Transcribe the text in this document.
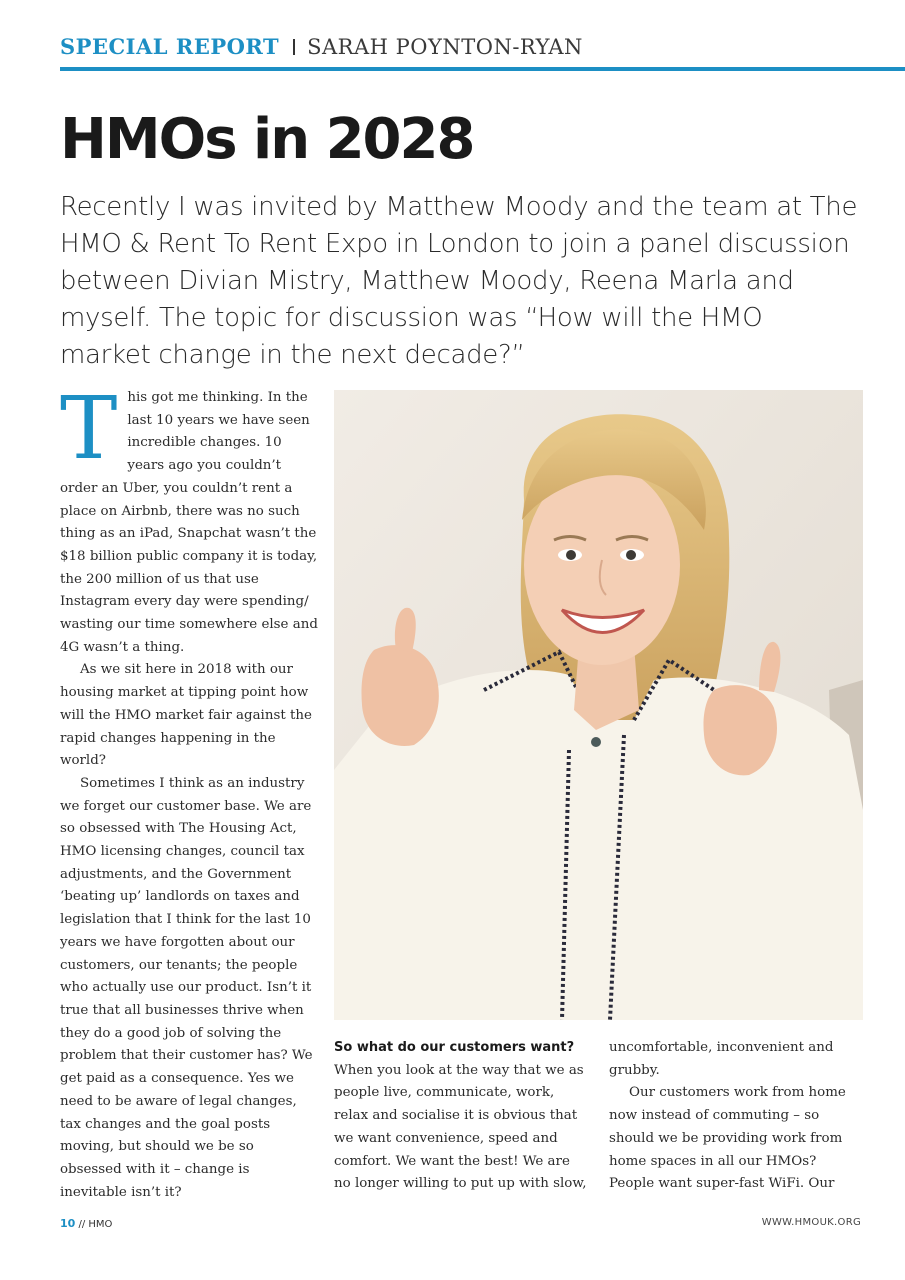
SPECIAL REPORT SARAH POYNTON-RYAN
HMOs in 2028

Recently I was invited by Matthew Moody and the team at The HMO & Rent To Rent Expo in London to join a panel discussion between Divian Mistry, Matthew Moody, Reena Marla and myself. The topic for discussion was “How will the HMO market change in the next decade?”

This got me thinking. In the last 10 years we have seen incredible changes. 10 years ago you couldn’t order an Uber, you couldn’t rent a place on Airbnb, there was no such thing as an iPad, Snapchat wasn’t the $18 billion public company it is today, the 200 million of us that use Instagram every day were spending/ wasting our time somewhere else and 4G wasn’t a thing.

As we sit here in 2018 with our housing market at tipping point how will the HMO market fair against the rapid changes happening in the world?

Sometimes I think as an industry we forget our customer base. We are so obsessed with The Housing Act, HMO licensing changes, council tax adjustments, and the Government ‘beating up’ landlords on taxes and legislation that I think for the last 10 years we have forgotten about our customers, our tenants; the people who actually use our product. Isn’t it true that all businesses thrive when they do a good job of solving the problem that their customer has? We get paid as a consequence. Yes we need to be aware of legal changes, tax changes and the goal posts moving, but should we be so obsessed with it – change is inevitable isn’t it?

So what do our customers want?

When you look at the way that we as people live, communicate, work, relax and socialise it is obvious that we want convenience, speed and comfort. We want the best! We are no longer willing to put up with slow,

uncomfortable, inconvenient and grubby.

Our customers work from home now instead of commuting – so should we be providing work from home spaces in all our HMOs? People want super-fast WiFi. Our

10 // HMO	WWW.HMOUK.ORG
